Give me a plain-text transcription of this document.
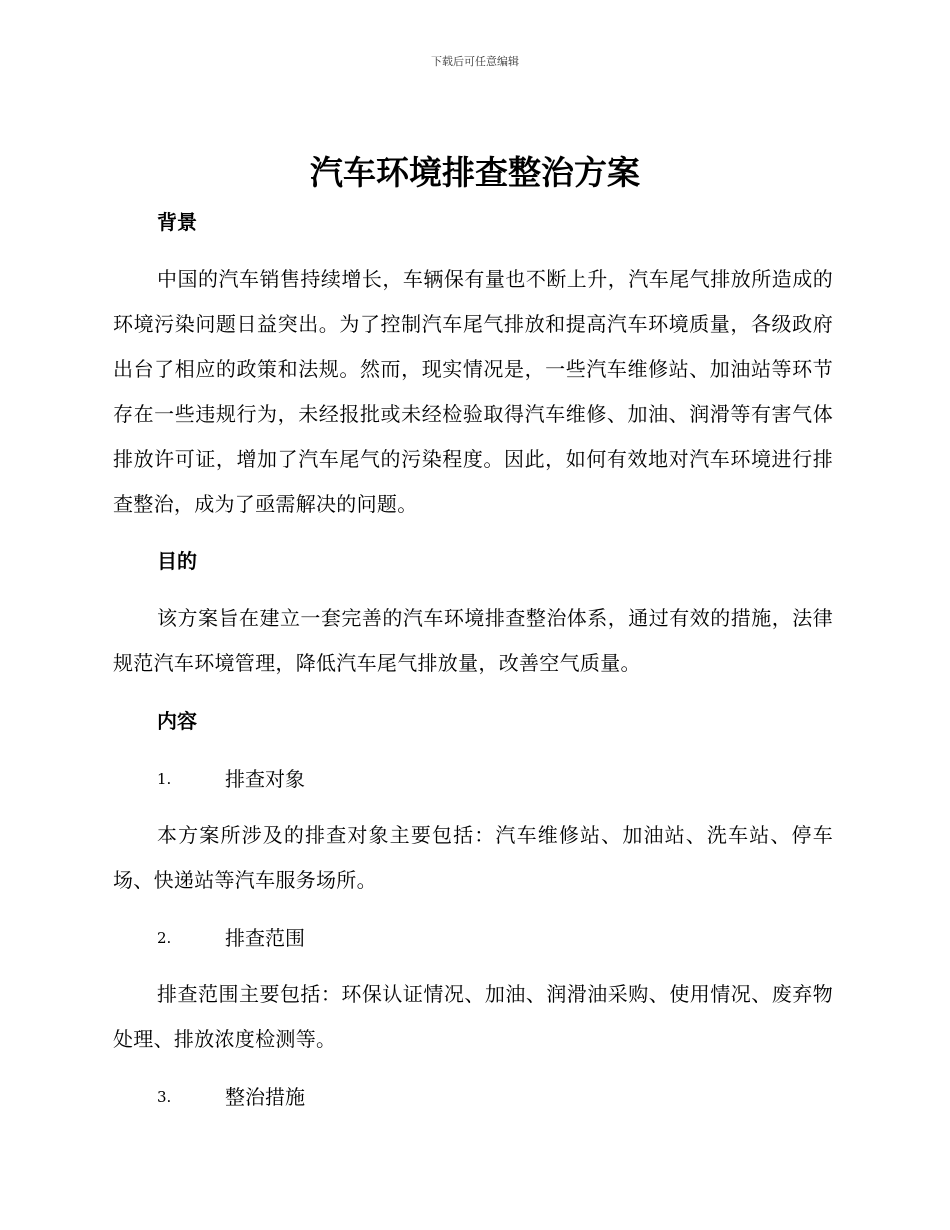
下载后可任意编辑
汽车环境排查整治方案
背景

中国的汽车销售持续增长，车辆保有量也不断上升，汽车尾气排放所造成的环境污染问题日益突出。为了控制汽车尾气排放和提高汽车环境质量，各级政府出台了相应的政策和法规。然而，现实情况是，一些汽车维修站、加油站等环节存在一些违规行为，未经报批或未经检验取得汽车维修、加油、润滑等有害气体排放许可证，增加了汽车尾气的污染程度。因此，如何有效地对汽车环境进行排查整治，成为了亟需解决的问题。

目的

该方案旨在建立一套完善的汽车环境排查整治体系，通过有效的措施，法律规范汽车环境管理，降低汽车尾气排放量，改善空气质量。

内容
1.	排查对象

本方案所涉及的排查对象主要包括：汽车维修站、加油站、洗车站、停车场、快递站等汽车服务场所。

2.	排查范围

排查范围主要包括：环保认证情况、加油、润滑油采购、使用情况、废弃物处理、排放浓度检测等。

3.	整治措施
